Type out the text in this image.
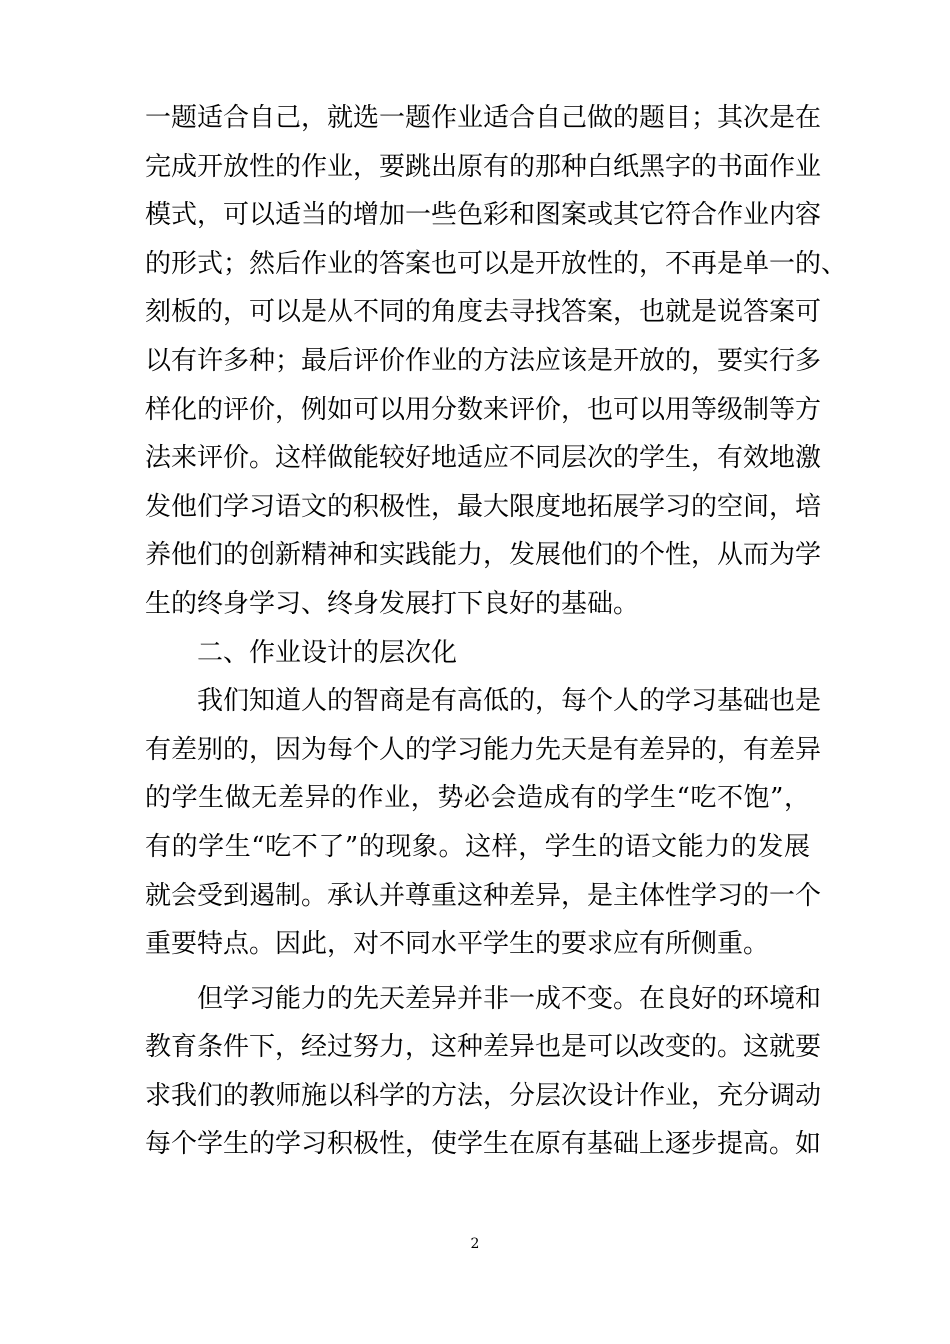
一题适合自己，就选一题作业适合自己做的题目；其次是在
完成开放性的作业，要跳出原有的那种白纸黑字的书面作业
模式，可以适当的增加一些色彩和图案或其它符合作业内容
的形式；然后作业的答案也可以是开放性的，不再是单一的、
刻板的，可以是从不同的角度去寻找答案，也就是说答案可
以有许多种；最后评价作业的方法应该是开放的，要实行多
样化的评价，例如可以用分数来评价，也可以用等级制等方
法来评价。这样做能较好地适应不同层次的学生，有效地激
发他们学习语文的积极性，最大限度地拓展学习的空间，培
养他们的创新精神和实践能力，发展他们的个性，从而为学
生的终身学习、终身发展打下良好的基础。
二、作业设计的层次化
我们知道人的智商是有高低的，每个人的学习基础也是
有差别的，因为每个人的学习能力先天是有差异的，有差异
的学生做无差异的作业，势必会造成有的学生“吃不饱”，
有的学生“吃不了”的现象。这样，学生的语文能力的发展
就会受到遏制。承认并尊重这种差异，是主体性学习的一个
重要特点。因此，对不同水平学生的要求应有所侧重。
但学习能力的先天差异并非一成不变。在良好的环境和
教育条件下，经过努力，这种差异也是可以改变的。这就要
求我们的教师施以科学的方法，分层次设计作业，充分调动
每个学生的学习积极性，使学生在原有基础上逐步提高。如
2
